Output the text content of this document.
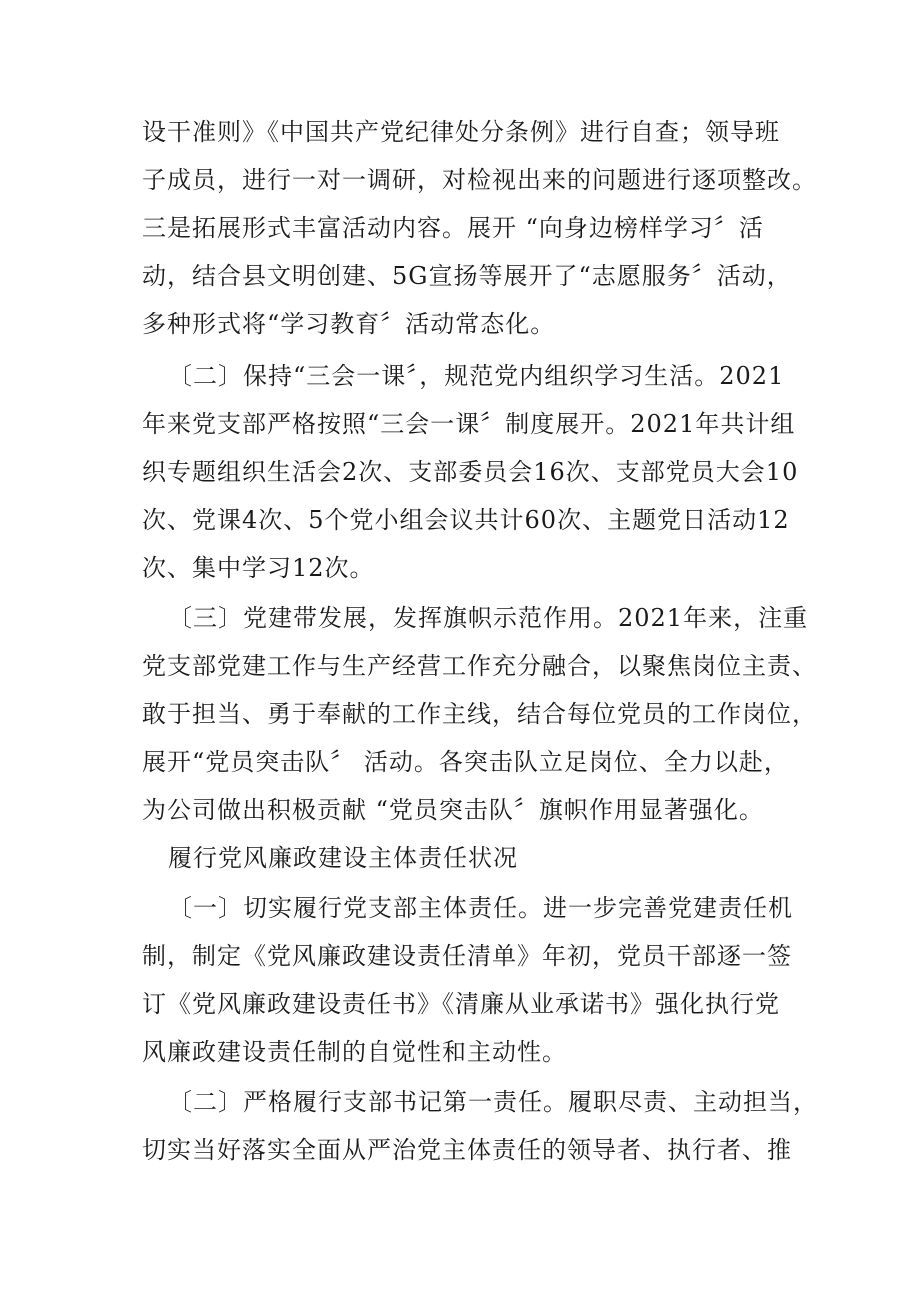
设干准则》《中国共产党纪律处分条例》进行自查；领导班
子成员，进行一对一调研，对检视出来的问题进行逐项整改。
三是拓展形式丰富活动内容。展开 “向身边榜样学习〞活
动，结合县文明创建、5G宣扬等展开了“志愿服务〞活动，
多种形式将“学习教育〞活动常态化。
〔二〕保持“三会一课〞，规范党内组织学习生活。2021
年来党支部严格按照“三会一课〞制度展开。2021年共计组
织专题组织生活会2次、支部委员会16次、支部党员大会10
次、党课4次、5个党小组会议共计60次、主题党日活动12
次、集中学习12次。
〔三〕党建带发展，发挥旗帜示范作用。2021年来，注重
党支部党建工作与生产经营工作充分融合，以聚焦岗位主责、
敢于担当、勇于奉献的工作主线，结合每位党员的工作岗位，
展开“党员突击队〞 活动。各突击队立足岗位、全力以赴，
为公司做出积极贡献 “党员突击队〞旗帜作用显著强化。
履行党风廉政建设主体责任状况
〔一〕切实履行党支部主体责任。进一步完善党建责任机
制，制定《党风廉政建设责任清单》年初，党员干部逐一签
订《党风廉政建设责任书》《清廉从业承诺书》强化执行党
风廉政建设责任制的自觉性和主动性。
〔二〕严格履行支部书记第一责任。履职尽责、主动担当，
切实当好落实全面从严治党主体责任的领导者、执行者、推
